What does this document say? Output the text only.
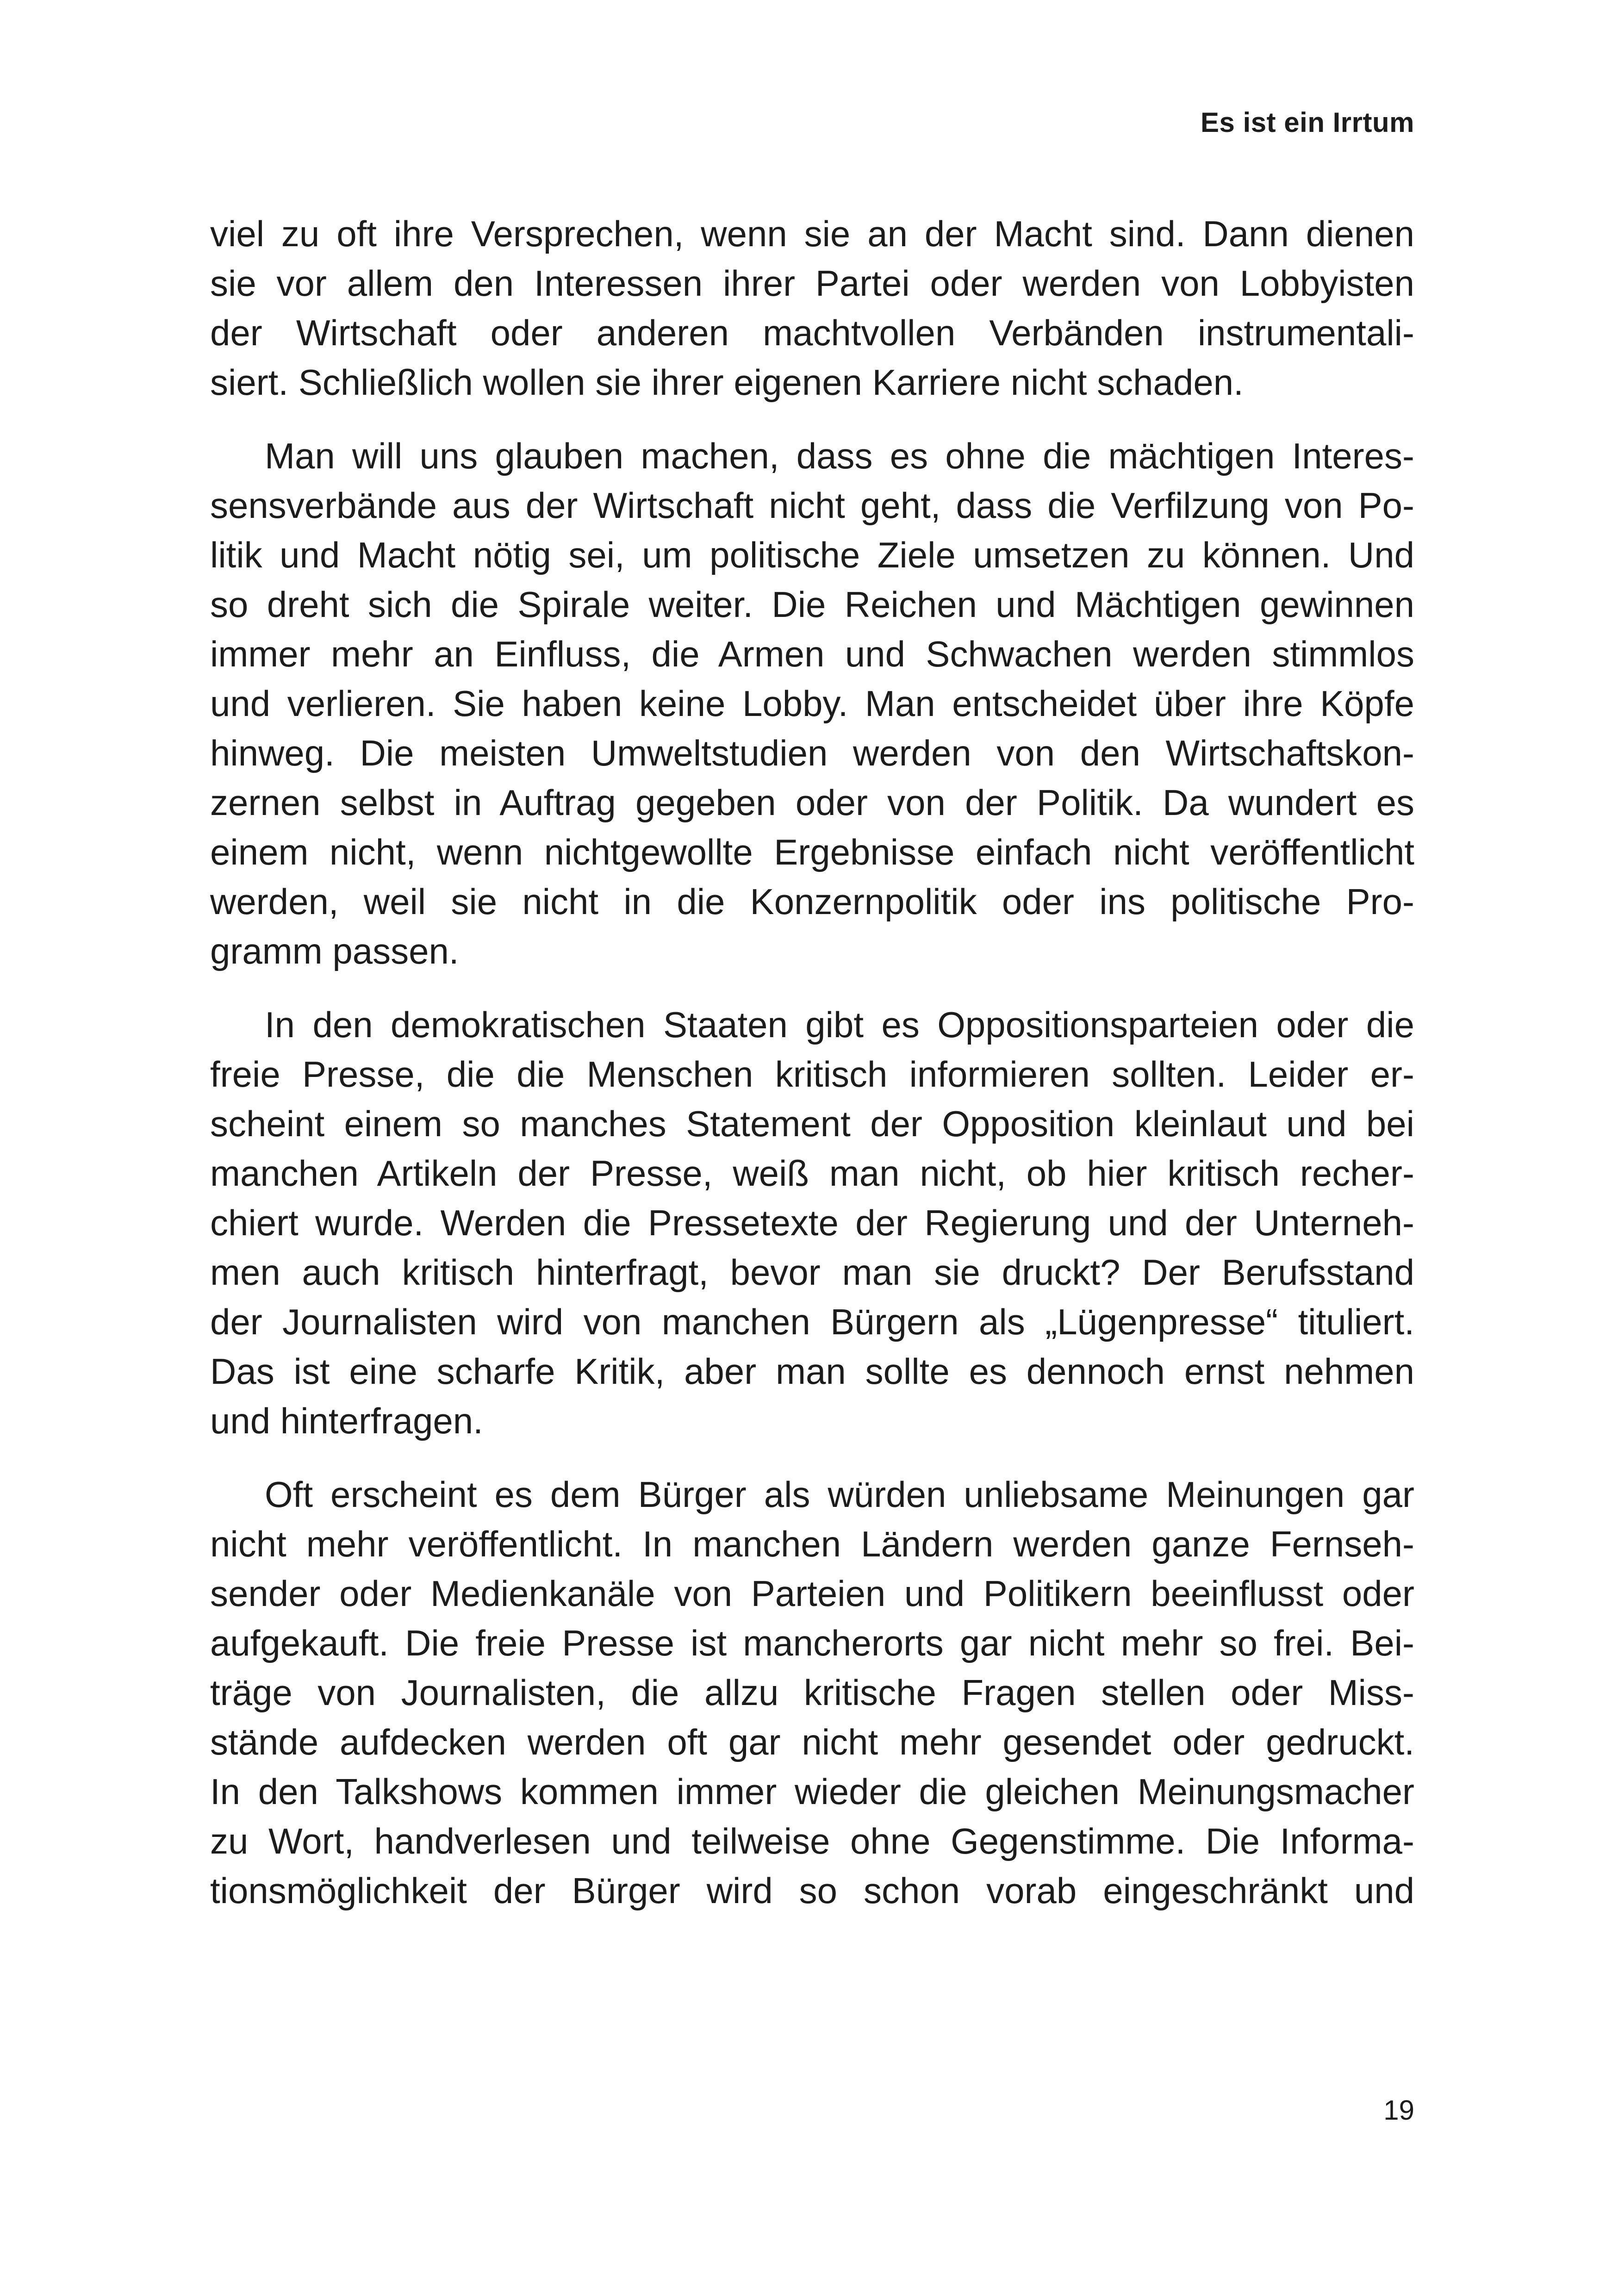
Es ist ein Irrtum
viel zu oft ihre Versprechen, wenn sie an der Macht sind. Dann dienen
sie vor allem den Interessen ihrer Partei oder werden von Lobbyisten
der Wirtschaft oder anderen machtvollen Verbänden instrumentali-
siert. Schließlich wollen sie ihrer eigenen Karriere nicht schaden.
Man will uns glauben machen, dass es ohne die mächtigen Interes-
sensverbände aus der Wirtschaft nicht geht, dass die Verfilzung von Po-
litik und Macht nötig sei, um politische Ziele umsetzen zu können. Und
so dreht sich die Spirale weiter. Die Reichen und Mächtigen gewinnen
immer mehr an Einfluss, die Armen und Schwachen werden stimmlos
und verlieren. Sie haben keine Lobby. Man entscheidet über ihre Köpfe
hinweg. Die meisten Umweltstudien werden von den Wirtschaftskon-
zernen selbst in Auftrag gegeben oder von der Politik. Da wundert es
einem nicht, wenn nichtgewollte Ergebnisse einfach nicht veröffentlicht
werden, weil sie nicht in die Konzernpolitik oder ins politische Pro-
gramm passen.
In den demokratischen Staaten gibt es Oppositionsparteien oder die
freie Presse, die die Menschen kritisch informieren sollten. Leider er-
scheint einem so manches Statement der Opposition kleinlaut und bei
manchen Artikeln der Presse, weiß man nicht, ob hier kritisch recher-
chiert wurde. Werden die Pressetexte der Regierung und der Unterneh-
men auch kritisch hinterfragt, bevor man sie druckt? Der Berufsstand
der Journalisten wird von manchen Bürgern als „Lügenpresse“ tituliert.
Das ist eine scharfe Kritik, aber man sollte es dennoch ernst nehmen
und hinterfragen.
Oft erscheint es dem Bürger als würden unliebsame Meinungen gar
nicht mehr veröffentlicht. In manchen Ländern werden ganze Fernseh-
sender oder Medienkanäle von Parteien und Politikern beeinflusst oder
aufgekauft. Die freie Presse ist mancherorts gar nicht mehr so frei. Bei-
träge von Journalisten, die allzu kritische Fragen stellen oder Miss-
stände aufdecken werden oft gar nicht mehr gesendet oder gedruckt.
In den Talkshows kommen immer wieder die gleichen Meinungsmacher
zu Wort, handverlesen und teilweise ohne Gegenstimme. Die Informa-
tionsmöglichkeit der Bürger wird so schon vorab eingeschränkt und
19
